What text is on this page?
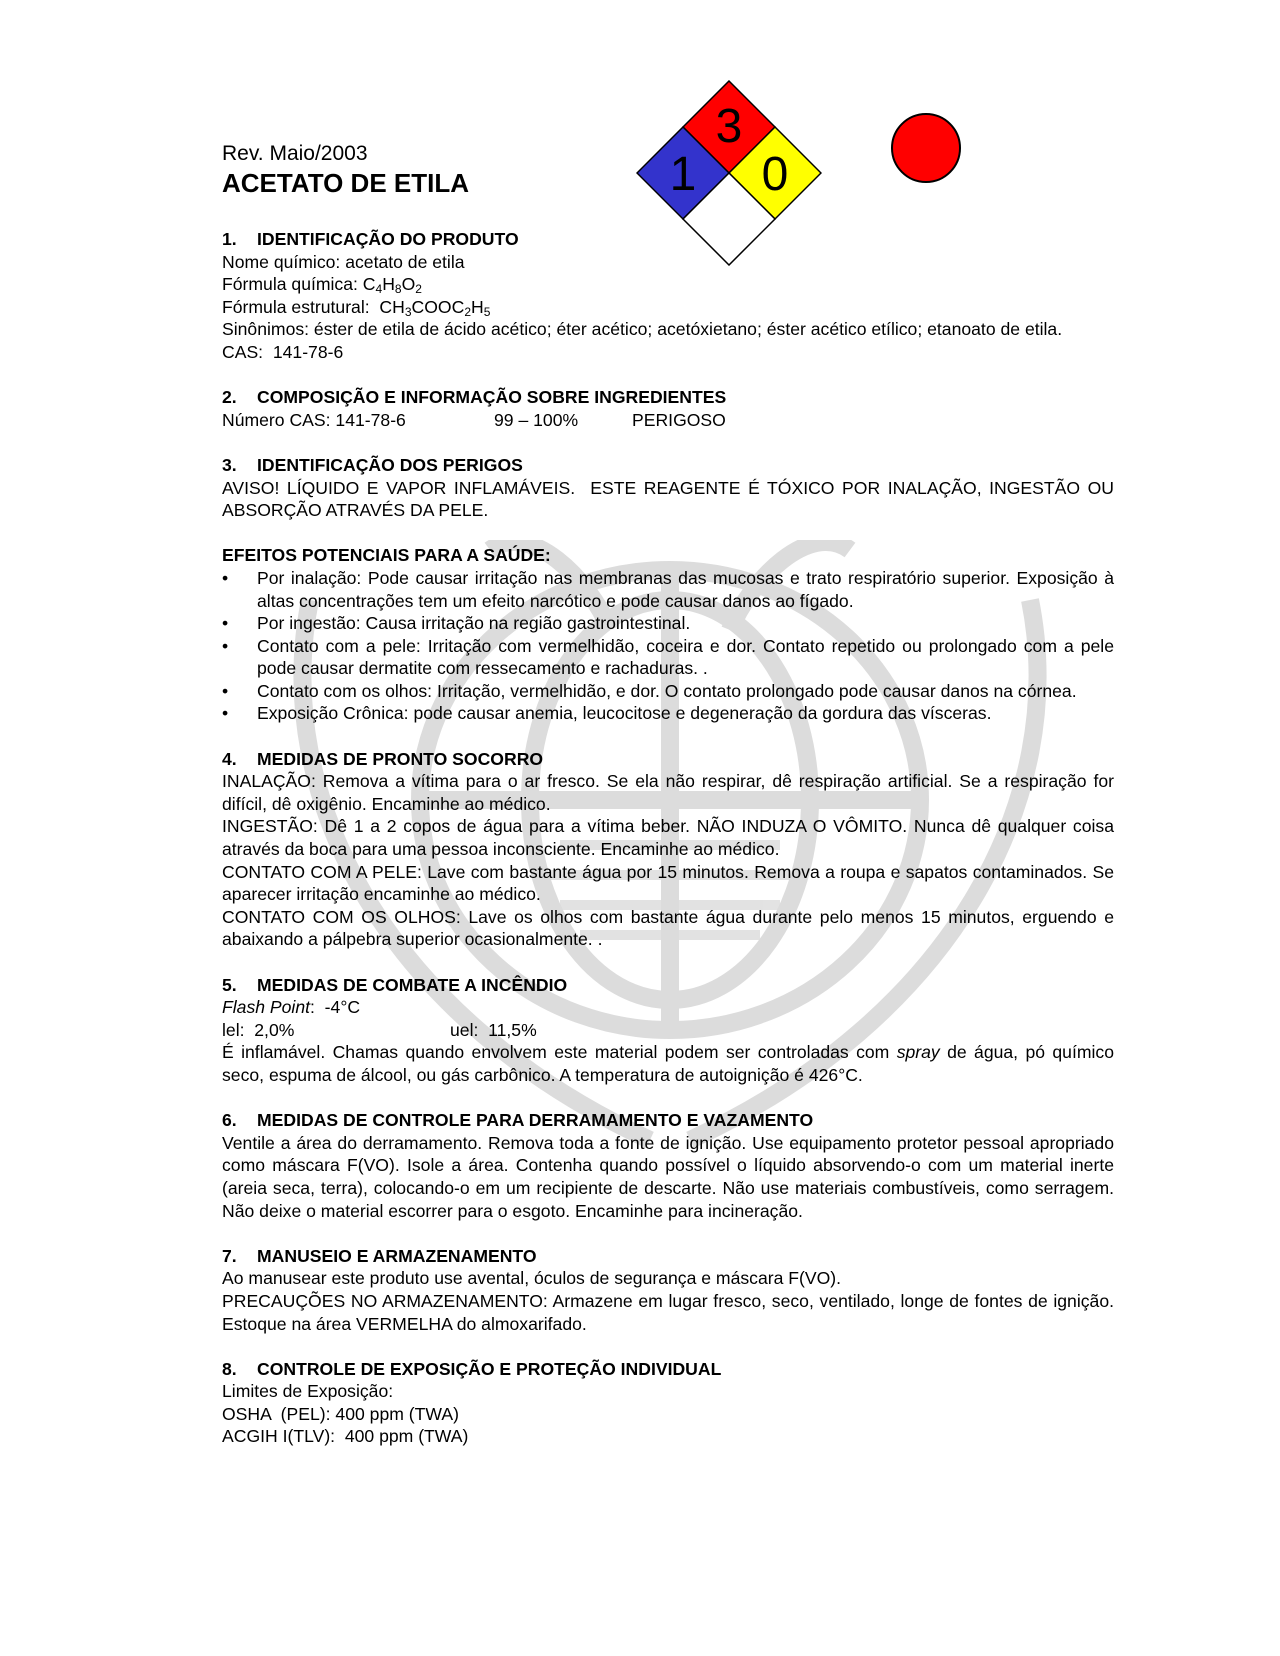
3
1 0
Rev. Maio/2003
ACETATO DE ETILA

1. IDENTIFICAÇÃO DO PRODUTO

Nome químico: acetato de etila

Fórmula química: $C_4H_8O_2$

Fórmula estrutural:  $CH_3COOC_2H_5$

Sinônimos: éster de etila de ácido acético; éter acético; acetóxietano; éster acético etílico; etanoato de etila.

CAS:  141-78-6

2. COMPOSIÇÃO E INFORMAÇÃO SOBRE INGREDIENTES

Número CAS: 141-78-6	99 – 100%	PERIGOSO

3. IDENTIFICAÇÃO DOS PERIGOS

AVISO! LÍQUIDO E VAPOR INFLAMÁVEIS.  ESTE REAGENTE É TÓXICO POR INALAÇÃO, INGESTÃO OU ABSORÇÃO ATRAVÉS DA PELE.

EFEITOS POTENCIAIS PARA A SAÚDE:

• Por inalação: Pode causar irritação nas membranas das mucosas e trato respiratório superior. Exposição à altas concentrações tem um efeito narcótico e pode causar danos ao fígado.
• Por ingestão: Causa irritação na região gastrointestinal.
• Contato com a pele: Irritação com vermelhidão, coceira e dor. Contato repetido ou prolongado com a pele pode causar dermatite com ressecamento e rachaduras. .
• Contato com os olhos: Irritação, vermelhidão, e dor. O contato prolongado pode causar danos na córnea.
• Exposição Crônica: pode causar anemia, leucocitose e degeneração da gordura das vísceras.

4. MEDIDAS DE PRONTO SOCORRO

INALAÇÃO: Remova a vítima para o ar fresco. Se ela não respirar, dê respiração artificial. Se a respiração for difícil, dê oxigênio. Encaminhe ao médico.

INGESTÃO: Dê 1 a 2 copos de água para a vítima beber. NÃO INDUZA O VÔMITO. Nunca dê qualquer coisa através da boca para uma pessoa inconsciente. Encaminhe ao médico.

CONTATO COM A PELE: Lave com bastante água por 15 minutos. Remova a roupa e sapatos contaminados. Se aparecer irritação encaminhe ao médico.

CONTATO COM OS OLHOS: Lave os olhos com bastante água durante pelo menos 15 minutos, erguendo e abaixando a pálpebra superior ocasionalmente. .

5. MEDIDAS DE COMBATE A INCÊNDIO

Flash Point:  -4°C

lel:  2,0%	uel:  11,5%

É inflamável. Chamas quando envolvem este material podem ser controladas com spray de água, pó químico seco, espuma de álcool, ou gás carbônico. A temperatura de autoignição é 426°C.

6. MEDIDAS DE CONTROLE PARA DERRAMAMENTO E VAZAMENTO

Ventile a área do derramamento. Remova toda a fonte de ignição. Use equipamento protetor pessoal apropriado como máscara F(VO). Isole a área. Contenha quando possível o líquido absorvendo-o com um material inerte (areia seca, terra), colocando-o em um recipiente de descarte. Não use materiais combustíveis, como serragem. Não deixe o material escorrer para o esgoto. Encaminhe para incineração.

7. MANUSEIO E ARMAZENAMENTO

Ao manusear este produto use avental, óculos de segurança e máscara F(VO).

PRECAUÇÕES NO ARMAZENAMENTO: Armazene em lugar fresco, seco, ventilado, longe de fontes de ignição. Estoque na área VERMELHA do almoxarifado.

8. CONTROLE DE EXPOSIÇÃO E PROTEÇÃO INDIVIDUAL

Limites de Exposição:

OSHA  (PEL): 400 ppm (TWA)

ACGIH I(TLV):  400 ppm (TWA)
